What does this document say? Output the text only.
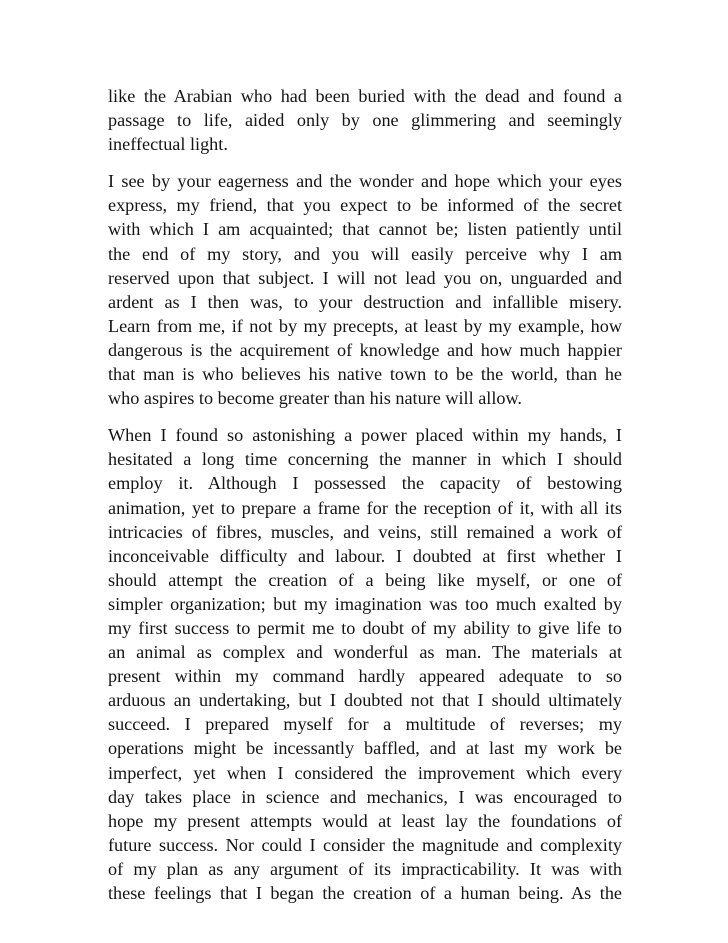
like the Arabian who had been buried with the dead and found a
passage to life, aided only by one glimmering and seemingly
ineffectual light.
I see by your eagerness and the wonder and hope which your eyes
express, my friend, that you expect to be informed of the secret
with which I am acquainted; that cannot be; listen patiently until
the end of my story, and you will easily perceive why I am
reserved upon that subject. I will not lead you on, unguarded and
ardent as I then was, to your destruction and infallible misery.
Learn from me, if not by my precepts, at least by my example, how
dangerous is the acquirement of knowledge and how much happier
that man is who believes his native town to be the world, than he
who aspires to become greater than his nature will allow.
When I found so astonishing a power placed within my hands, I
hesitated a long time concerning the manner in which I should
employ it. Although I possessed the capacity of bestowing
animation, yet to prepare a frame for the reception of it, with all its
intricacies of fibres, muscles, and veins, still remained a work of
inconceivable difficulty and labour. I doubted at first whether I
should attempt the creation of a being like myself, or one of
simpler organization; but my imagination was too much exalted by
my first success to permit me to doubt of my ability to give life to
an animal as complex and wonderful as man. The materials at
present within my command hardly appeared adequate to so
arduous an undertaking, but I doubted not that I should ultimately
succeed. I prepared myself for a multitude of reverses; my
operations might be incessantly baffled, and at last my work be
imperfect, yet when I considered the improvement which every
day takes place in science and mechanics, I was encouraged to
hope my present attempts would at least lay the foundations of
future success. Nor could I consider the magnitude and complexity
of my plan as any argument of its impracticability. It was with
these feelings that I began the creation of a human being. As the
